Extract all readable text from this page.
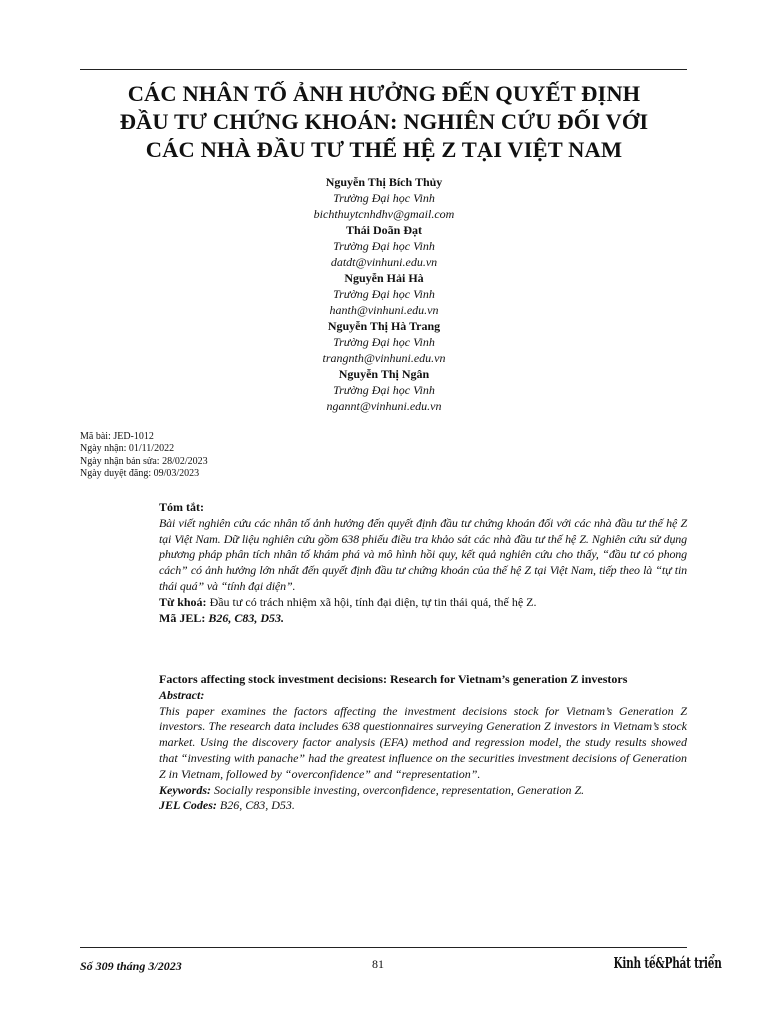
CÁC NHÂN TỐ ẢNH HƯỞNG ĐẾN QUYẾT ĐỊNH
ĐẦU TƯ CHỨNG KHOÁN: NGHIÊN CỨU ĐỐI VỚI
CÁC NHÀ ĐẦU TƯ THẾ HỆ Z TẠI VIỆT NAM
Nguyễn Thị Bích Thủy
Trường Đại học Vinh
bichthuytcnhdhv@gmail.com
Thái Doãn Đạt
Trường Đại học Vinh
datdt@vinhuni.edu.vn
Nguyễn Hải Hà
Trường Đại học Vinh
hanth@vinhuni.edu.vn
Nguyễn Thị Hà Trang
Trường Đại học Vinh
trangnth@vinhuni.edu.vn
Nguyễn Thị Ngân
Trường Đại học Vinh
ngannt@vinhuni.edu.vn
Mã bài: JED-1012
Ngày nhận: 01/11/2022
Ngày nhận bản sửa: 28/02/2023
Ngày duyệt đăng: 09/03/2023
Tóm tắt:
Bài viết nghiên cứu các nhân tố ảnh hưởng đến quyết định đầu tư chứng khoán đối với các nhà đầu tư thế hệ Z tại Việt Nam. Dữ liệu nghiên cứu gồm 638 phiếu điều tra khảo sát các nhà đầu tư thế hệ Z. Nghiên cứu sử dụng phương pháp phân tích nhân tố khám phá và mô hình hồi quy, kết quả nghiên cứu cho thấy, “đầu tư có phong cách” có ảnh hưởng lớn nhất đến quyết định đầu tư chứng khoán của thế hệ Z tại Việt Nam, tiếp theo là “tự tin thái quá” và “tính đại diện”.
Từ khoá: Đầu tư có trách nhiệm xã hội, tính đại diện, tự tin thái quá, thế hệ Z.
Mã JEL: B26, C83, D53.
Factors affecting stock investment decisions: Research for Vietnam’s generation Z investors
Abstract:
This paper examines the factors affecting the investment decisions stock for Vietnam’s Generation Z investors. The research data includes 638 questionnaires surveying Generation Z investors in Vietnam’s stock market. Using the discovery factor analysis (EFA) method and regression model, the study results showed that “investing with panache” had the greatest influence on the securities investment decisions of Generation Z in Vietnam, followed by “overconfidence” and “representation”.
Keywords: Socially responsible investing, overconfidence, representation, Generation Z.
JEL Codes: B26, C83, D53.
Số 309 tháng 3/2023	81	Kinh tế&Phát triển
